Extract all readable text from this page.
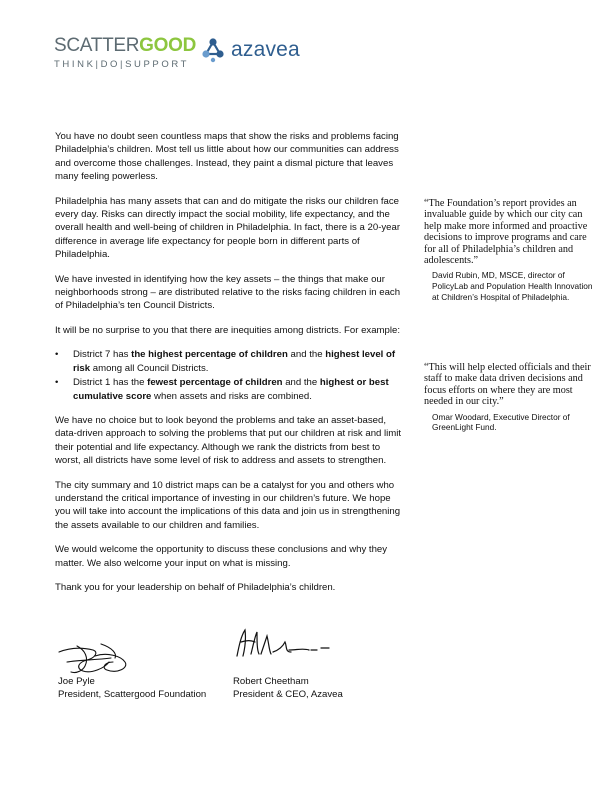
SCATTERGOOD
THINK|DO|SUPPORT
azavea

You have no doubt seen countless maps that show the risks and problems facing Philadelphia’s children. Most tell us little about how our communities can address and overcome those challenges. Instead, they paint a dismal picture that leaves many feeling powerless.

Philadelphia has many assets that can and do mitigate the risks our children face every day. Risks can directly impact the social mobility, life expectancy, and the overall health and well-being of children in Philadelphia. In fact, there is a 20-year difference in average life expectancy for people born in different parts of Philadelphia.

We have invested in identifying how the key assets – the things that make our neighborhoods strong – are distributed relative to the risks facing children in each of Philadelphia’s ten Council Districts.

It will be no surprise to you that there are inequities among districts. For example:

• District 7 has the highest percentage of children and the highest level of risk among all Council Districts.
• District 1 has the fewest percentage of children and the highest or best cumulative score when assets and risks are combined.

We have no choice but to look beyond the problems and take an asset-based, data-driven approach to solving the problems that put our children at risk and limit their potential and life expectancy. Although we rank the districts from best to worst, all districts have some level of risk to address and assets to strengthen.

The city summary and 10 district maps can be a catalyst for you and others who understand the critical importance of investing in our children’s future. We hope you will take into account the implications of this data and join us in strengthening the assets available to our children and families.

We would welcome the opportunity to discuss these conclusions and why they matter. We also welcome your input on what is missing.

Thank you for your leadership on behalf of Philadelphia’s children.

“The Foundation’s report provides an invaluable guide by which our city can help make more informed and proactive decisions to improve programs and care for all of Philadelphia’s children and adolescents.”
David Rubin, MD, MSCE, director of PolicyLab and Population Health Innovation at Children’s Hospital of Philadelphia.
“This will help elected officials and their staff to make data driven decisions and focus efforts on where they are most needed in our city.”
Omar Woodard, Executive Director of GreenLight Fund.
Joe Pyle
President, Scattergood Foundation
Robert Cheetham
President & CEO, Azavea
